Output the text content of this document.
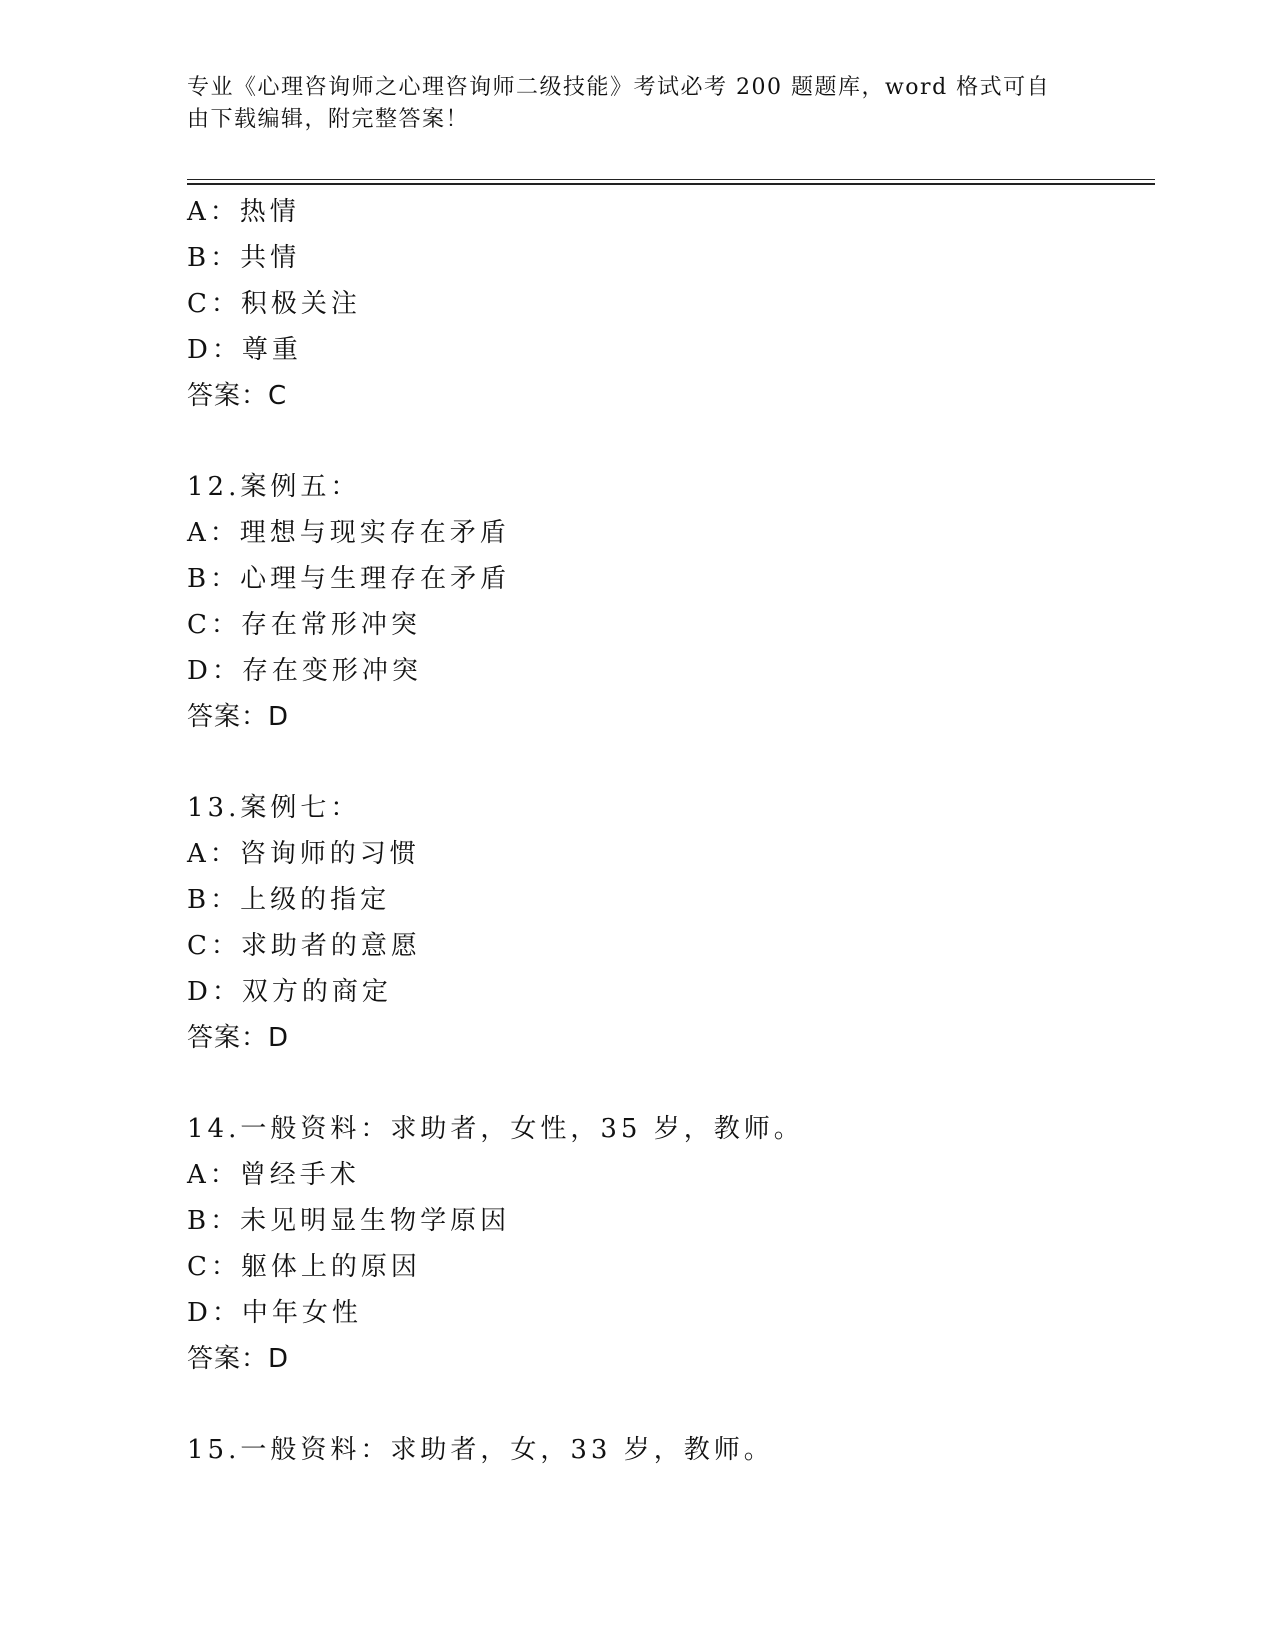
专业《心理咨询师之心理咨询师二级技能》考试必考 200 题题库，word 格式可自
由下载编辑，附完整答案！
A：热情
B：共情
C：积极关注
D：尊重
答案：C
12.案例五：
A：理想与现实存在矛盾
B：心理与生理存在矛盾
C：存在常形冲突
D：存在变形冲突
答案：D
13.案例七：
A：咨询师的习惯
B：上级的指定
C：求助者的意愿
D：双方的商定
答案：D
14.一般资料：求助者，女性，35 岁，教师。
A：曾经手术
B：未见明显生物学原因
C：躯体上的原因
D：中年女性
答案：D
15.一般资料：求助者，女，33 岁，教师。
